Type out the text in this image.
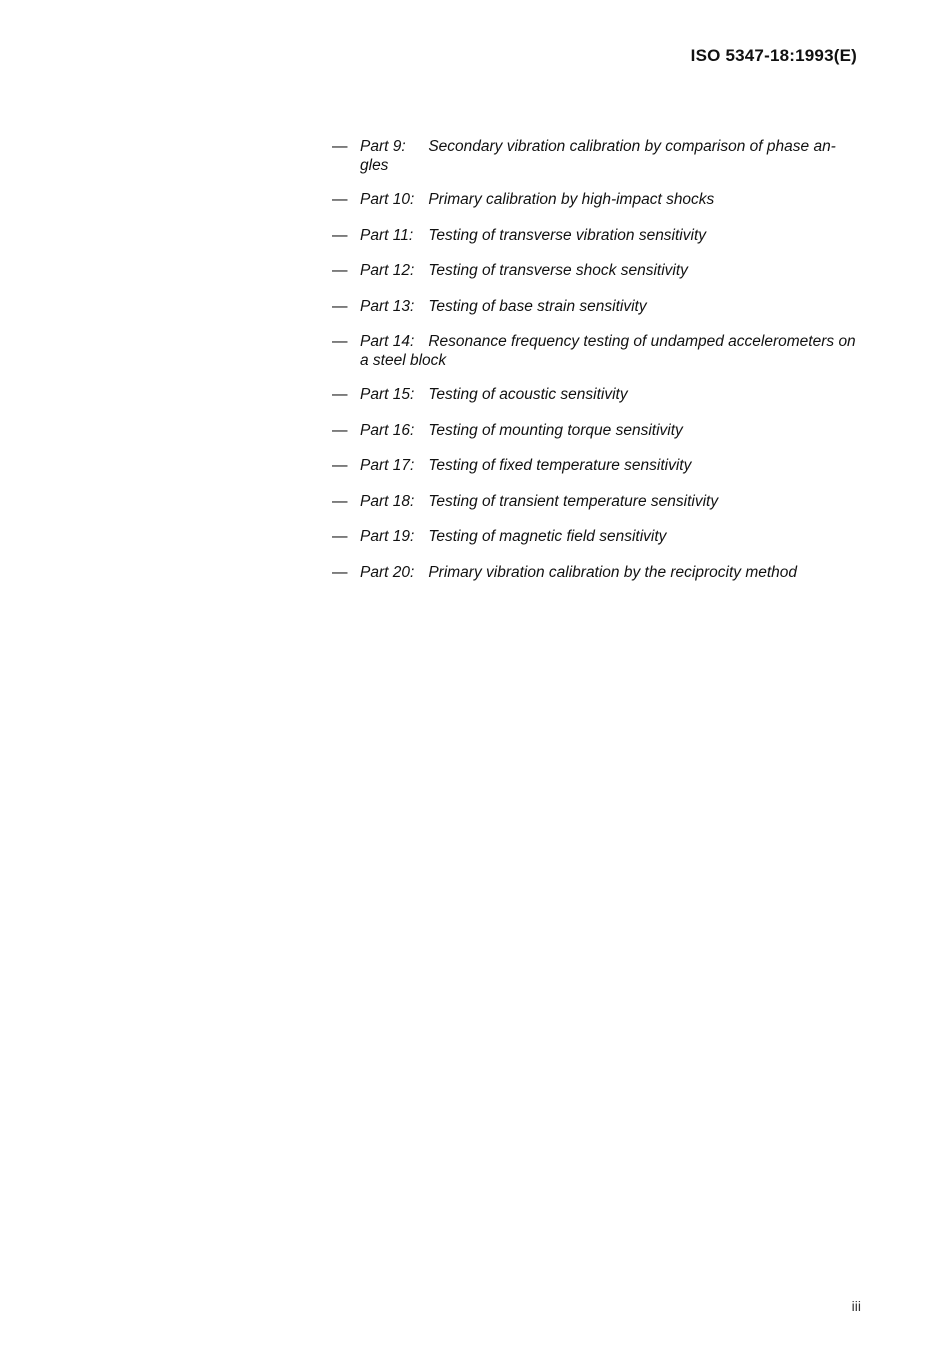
ISO 5347-18:1993(E)
— Part 9: Secondary vibration calibration by comparison of phase an- gles
— Part 10: Primary calibration by high-impact shocks
— Part 11: Testing of transverse vibration sensitivity
— Part 12: Testing of transverse shock sensitivity
— Part 13: Testing of base strain sensitivity
— Part 14: Resonance frequency testing of undamped accelerometers on a steel block
— Part 15: Testing of acoustic sensitivity
— Part 16: Testing of mounting torque sensitivity
— Part 17: Testing of fixed temperature sensitivity
— Part 18: Testing of transient temperature sensitivity
— Part 19: Testing of magnetic field sensitivity
— Part 20: Primary vibration calibration by the reciprocity method
iii
